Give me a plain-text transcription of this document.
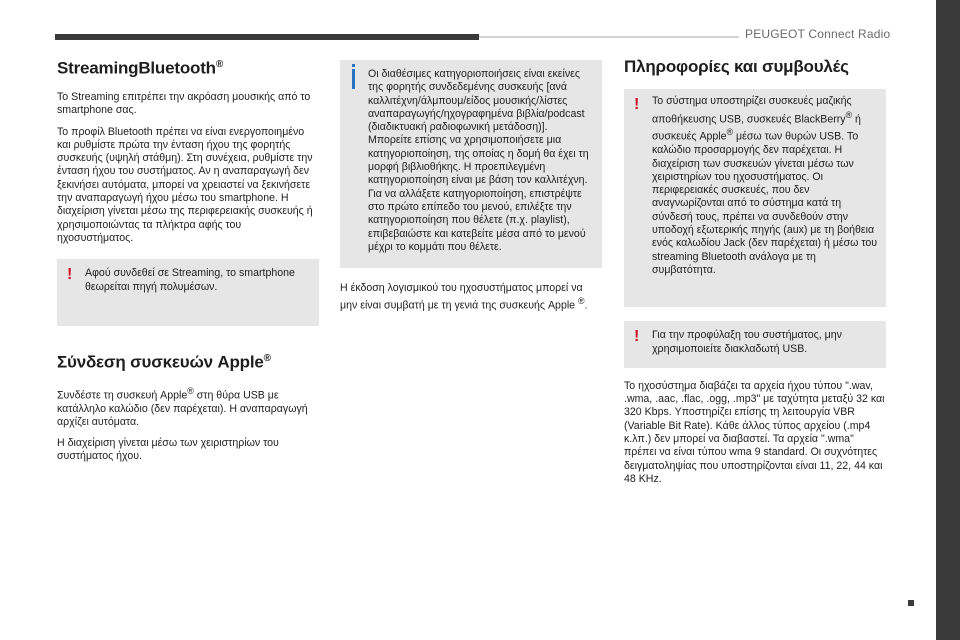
PEUGEOT Connect Radio
StreamingBluetooth®

Το Streaming επιτρέπει την ακρόαση μουσικής από το smartphone σας.

Το προφίλ Bluetooth πρέπει να είναι ενεργοποιημένο και ρυθμίστε πρώτα την ένταση ήχου της φορητής συσκευής (υψηλή στάθμη). Στη συνέχεια, ρυθμίστε την ένταση ήχου του συστήματος. Αν η αναπαραγωγή δεν ξεκινήσει αυτόματα, μπορεί να χρειαστεί να ξεκινήσετε την αναπαραγωγή ήχου μέσω του smartphone. Η διαχείριση γίνεται μέσω της περιφερειακής συσκευής ή χρησιμοποιώντας τα πλήκτρα αφής του ηχοσυστήματος.

! Αφού συνδεθεί σε Streaming, το smartphone θεωρείται πηγή πολυμέσων.
Σύνδεση συσκευών Apple®

Συνδέστε τη συσκευή Apple® στη θύρα USB με κατάλληλο καλώδιο (δεν παρέχεται). Η αναπαραγωγή αρχίζει αυτόματα.

Η διαχείριση γίνεται μέσω των χειριστηρίων του συστήματος ήχου.

Οι διαθέσιμες κατηγοριοποιήσεις είναι εκείνες της φορητής συνδεδεμένης συσκευής [ανά καλλιτέχνη/άλμπουμ/είδος μουσικής/λίστες αναπαραγωγής/ηχογραφημένα βιβλία/podcast (διαδικτυακή ραδιοφωνική μετάδοση)]. Μπορείτε επίσης να χρησιμοποιήσετε μια κατηγοριοποίηση, της οποίας η δομή θα έχει τη μορφή βιβλιοθήκης. Η προεπιλεγμένη κατηγοριοποίηση είναι με βάση τον καλλιτέχνη. Για να αλλάξετε κατηγοριοποίηση, επιστρέψτε στο πρώτο επίπεδο του μενού, επιλέξτε την κατηγοριοποίηση που θέλετε (π.χ. playlist), επιβεβαιώστε και κατεβείτε μέσα από το μενού μέχρι το κομμάτι που θέλετε.

Η έκδοση λογισμικού του ηχοσυστήματος μπορεί να μην είναι συμβατή με τη γενιά της συσκευής Apple ®.

Πληροφορίες και συμβουλές
! Το σύστημα υποστηρίζει συσκευές μαζικής αποθήκευσης USB, συσκευές BlackBerry® ή συσκευές Apple® μέσω των θυρών USB. Το καλώδιο προσαρμογής δεν παρέχεται. Η διαχείριση των συσκευών γίνεται μέσω των χειριστηρίων του ηχοσυστήματος. Οι περιφερειακές συσκευές, που δεν αναγνωρίζονται από το σύστημα κατά τη σύνδεσή τους, πρέπει να συνδεθούν στην υποδοχή εξωτερικής πηγής (aux) με τη βοήθεια ενός καλωδίου Jack (δεν παρέχεται) ή μέσω του streaming Bluetooth ανάλογα με τη συμβατότητα.
! Για την προφύλαξη του συστήματος, μην χρησιμοποιείτε διακλαδωτή USB.

Το ηχοσύστημα διαβάζει τα αρχεία ήχου τύπου ".wav, .wma, .aac, .flac, .ogg, .mp3" με ταχύτητα μεταξύ 32 και 320 Kbps. Υποστηρίζει επίσης τη λειτουργία VBR (Variable Bit Rate). Κάθε άλλος τύπος αρχείου (.mp4 κ.λπ.) δεν μπορεί να διαβαστεί. Τα αρχεία ".wma" πρέπει να είναι τύπου wma 9 standard. Οι συχνότητες δειγματοληψίας που υποστηρίζονται είναι 11, 22, 44 και 48 KHz.
